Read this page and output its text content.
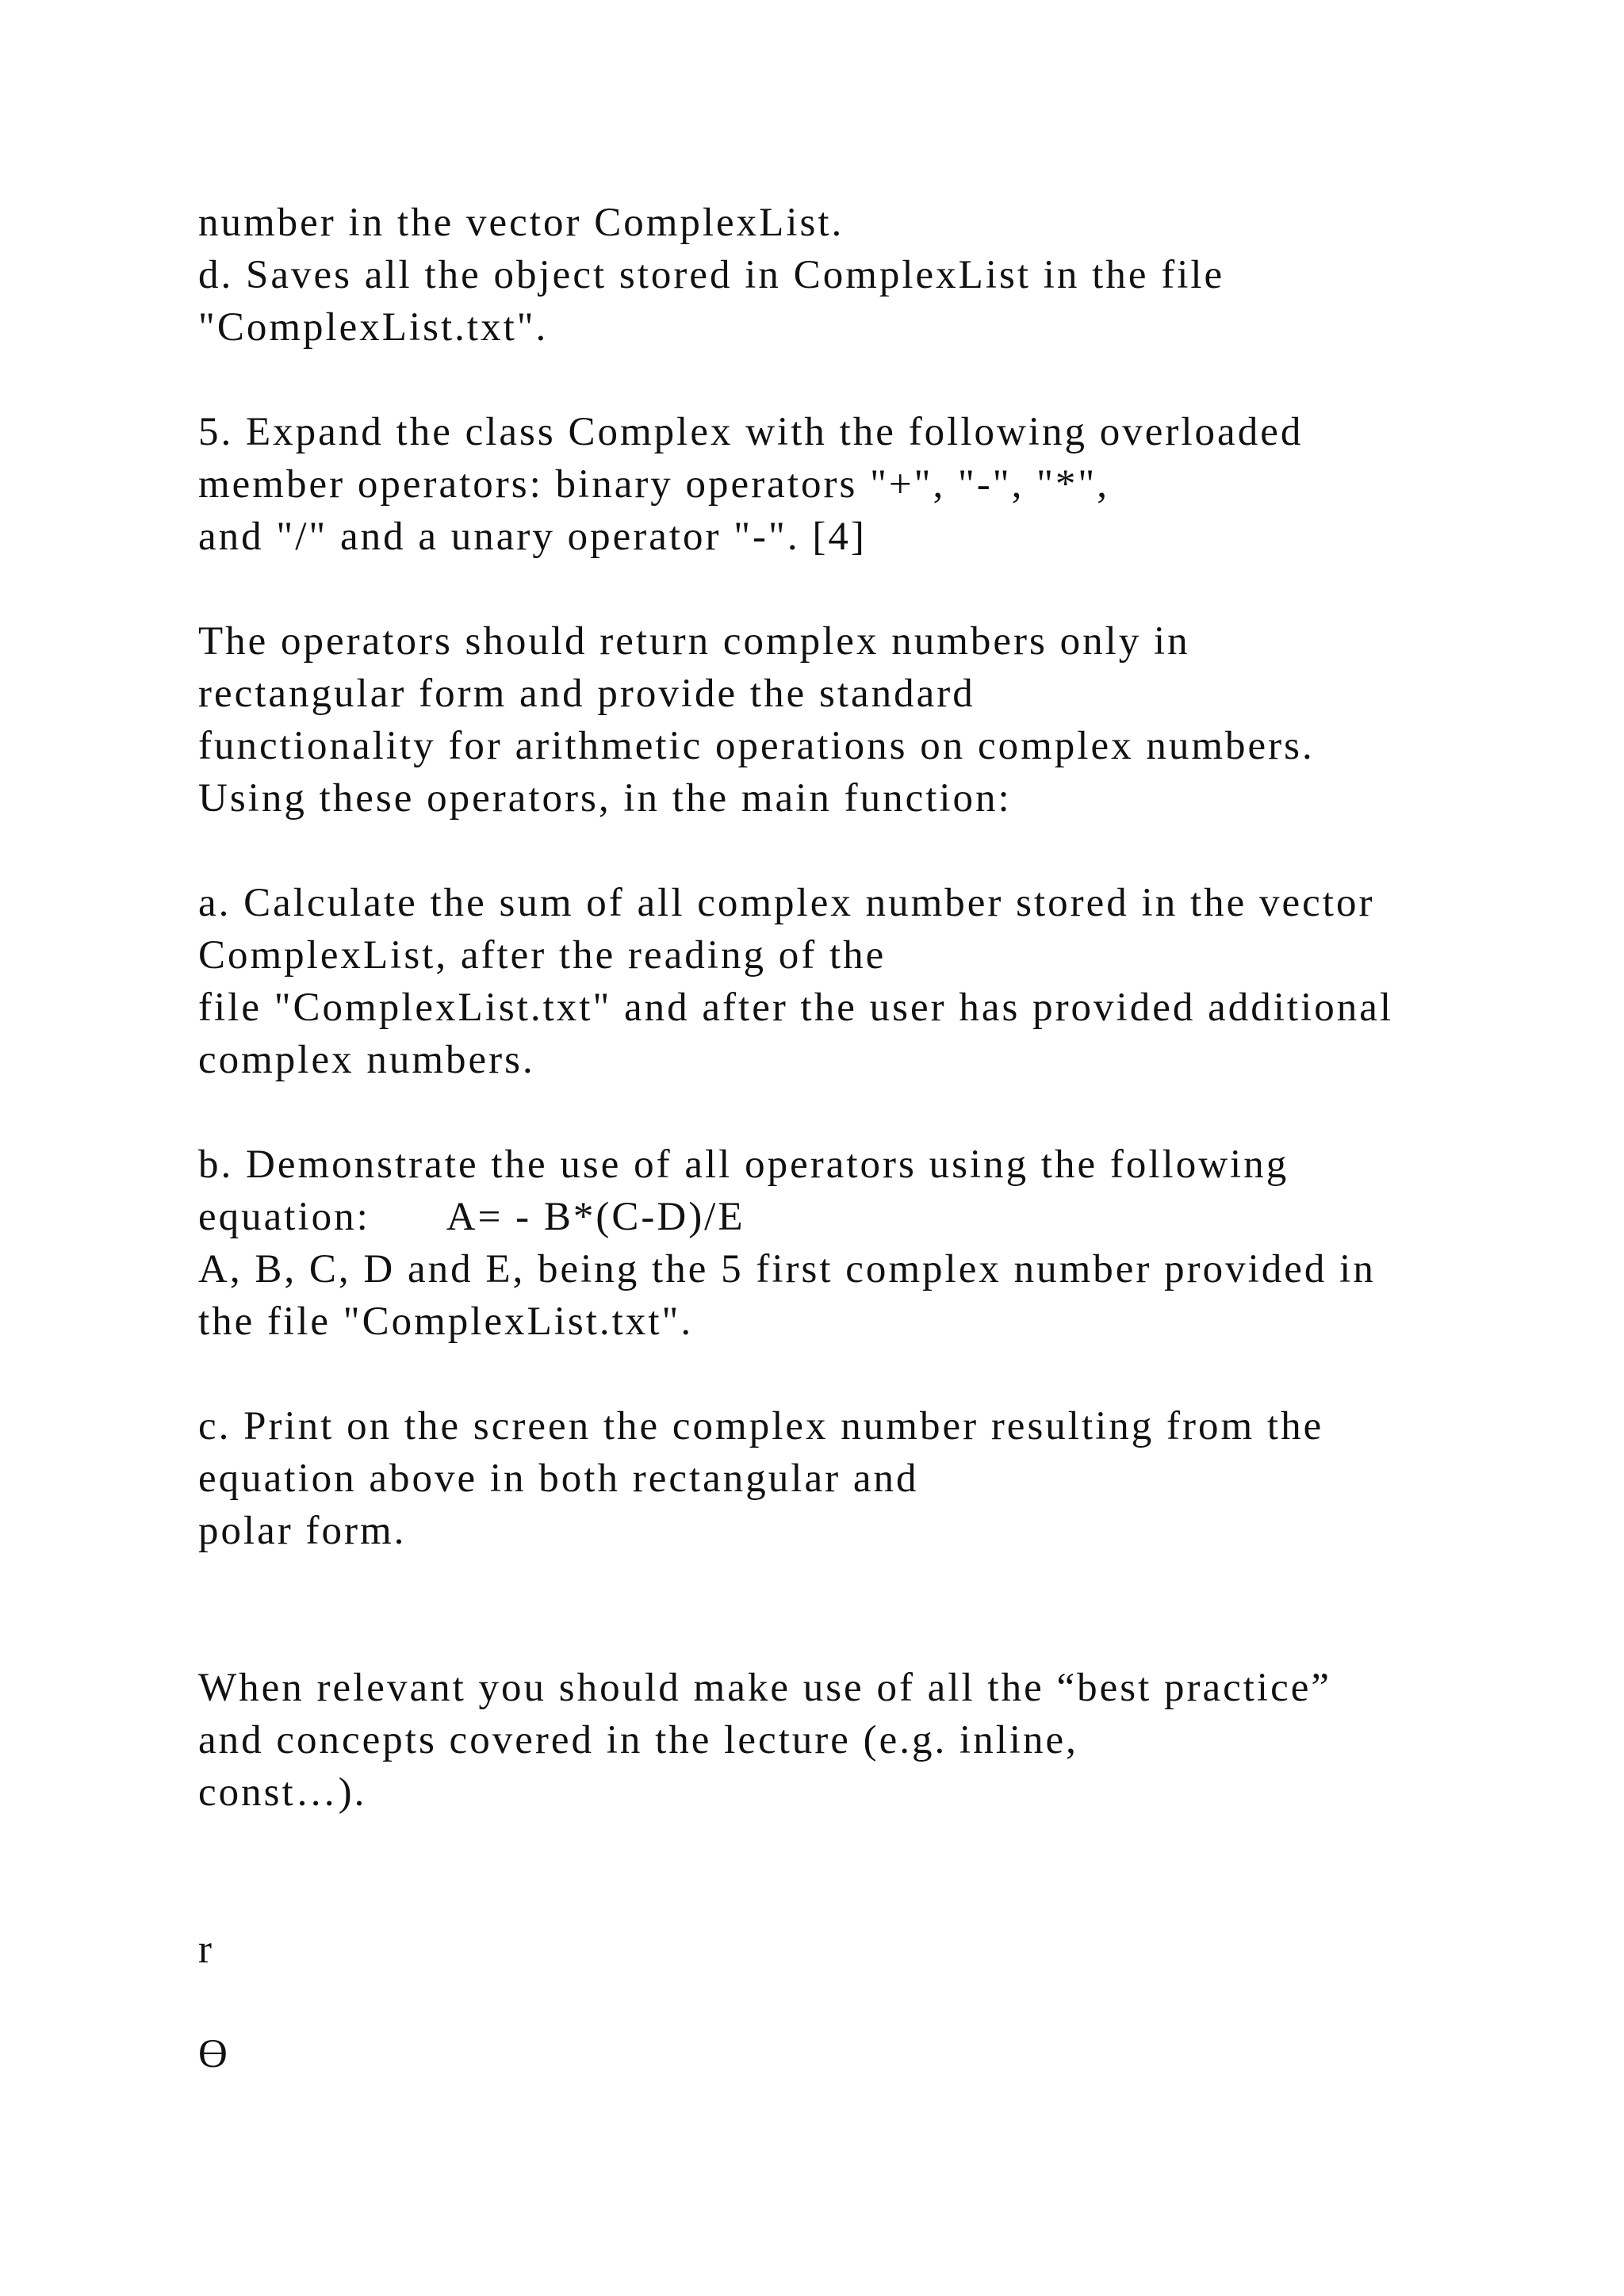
number in the vector ComplexList.

d. Saves all the object stored in ComplexList in the file

"ComplexList.txt".

5. Expand the class Complex with the following overloaded

member operators: binary operators "+", "-", "*",

and "/" and a unary operator "-". [4]

The operators should return complex numbers only in

rectangular form and provide the standard

functionality for arithmetic operations on complex numbers.

Using these operators, in the main function:

a. Calculate the sum of all complex number stored in the vector

ComplexList, after the reading of the

file "ComplexList.txt" and after the user has provided additional

complex numbers.

b. Demonstrate the use of all operators using the following

equation: A= - B*(C-D)/E

A, B, C, D and E, being the 5 first complex number provided in

the file "ComplexList.txt".

c. Print on the screen the complex number resulting from the

equation above in both rectangular and

polar form.

When relevant you should make use of all the “best practice”

and concepts covered in the lecture (e.g. inline,

const…).

r

ϴ
